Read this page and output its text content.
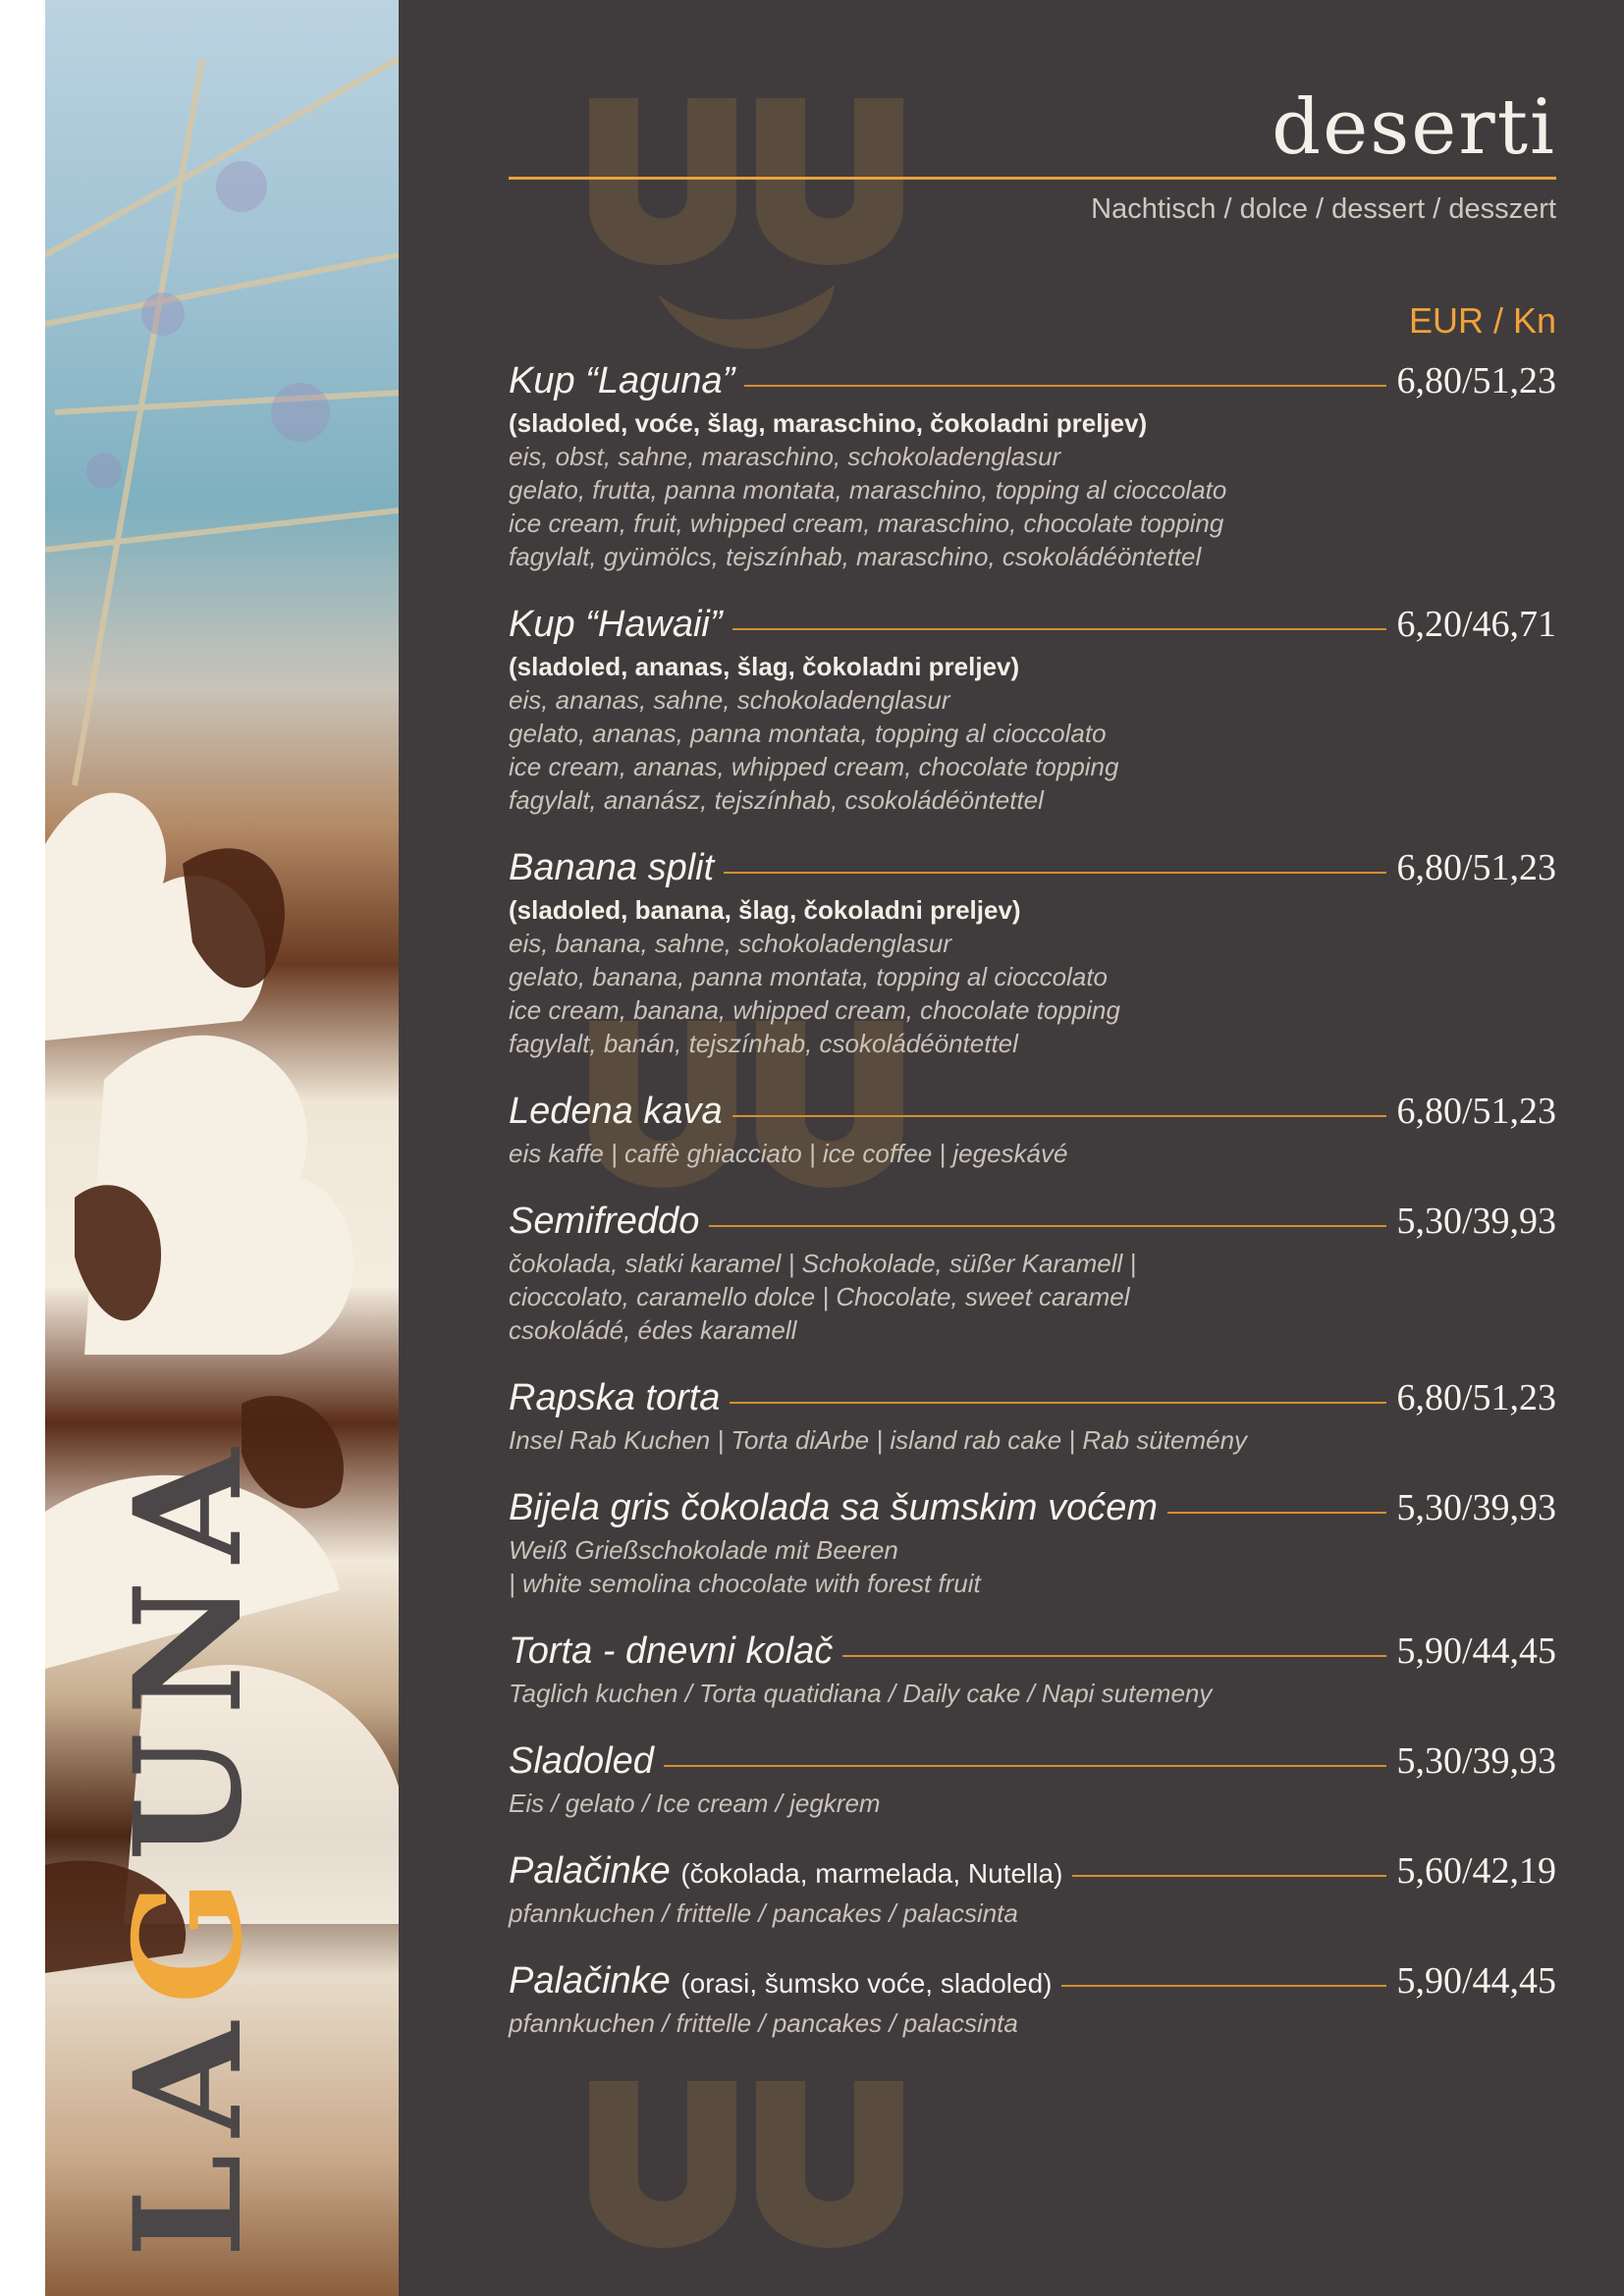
LAGUNA
deserti
Nachtisch / dolce / dessert / desszert
EUR / Kn
Kup “Laguna”	6,80/51,23
(sladoled, voće, šlag, maraschino, čokoladni preljev)
eis, obst, sahne, maraschino, schokoladenglasur
gelato, frutta, panna montata, maraschino, topping al cioccolato
ice cream, fruit, whipped cream, maraschino, chocolate topping
fagylalt, gyümölcs, tejszínhab, maraschino, csokoládéöntettel
Kup “Hawaii”	6,20/46,71
(sladoled, ananas, šlag, čokoladni preljev)
eis, ananas, sahne, schokoladenglasur
gelato, ananas, panna montata, topping al cioccolato
ice cream, ananas, whipped cream, chocolate topping
fagylalt, ananász, tejszínhab, csokoládéöntettel
Banana split	6,80/51,23
(sladoled, banana, šlag, čokoladni preljev)
eis, banana, sahne, schokoladenglasur
gelato, banana, panna montata, topping al cioccolato
ice cream, banana, whipped cream, chocolate topping
fagylalt, banán, tejszínhab, csokoládéöntettel
Ledena kava	6,80/51,23
eis kaffe | caffè ghiacciato | ice coffee | jegeskávé
Semifreddo	5,30/39,93
čokolada, slatki karamel | Schokolade, süßer Karamell |
cioccolato, caramello dolce | Chocolate, sweet caramel
csokoládé, édes karamell
Rapska torta	6,80/51,23
Insel Rab Kuchen | Torta diArbe | island rab cake | Rab sütemény
Bijela gris čokolada sa šumskim voćem	5,30/39,93
Weiß Grießschokolade mit Beeren
| white semolina chocolate with forest fruit
Torta - dnevni kolač	5,90/44,45
Taglich kuchen / Torta quatidiana / Daily cake / Napi sutemeny
Sladoled	5,30/39,93
Eis / gelato / Ice cream / jegkrem
Palačinke (čokolada, marmelada, Nutella)	5,60/42,19
pfannkuchen / frittelle / pancakes / palacsinta
Palačinke (orasi, šumsko voće, sladoled)	5,90/44,45
pfannkuchen / frittelle / pancakes / palacsinta
